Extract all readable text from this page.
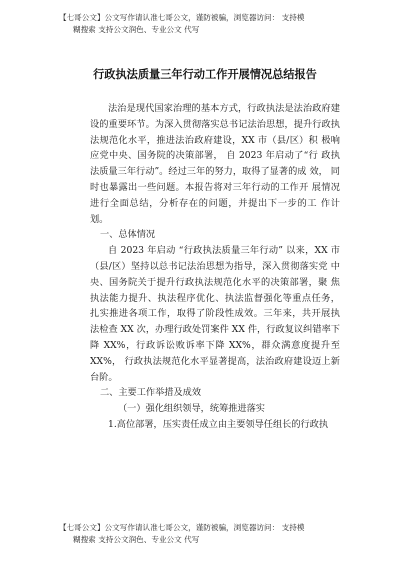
【七哥公文】公文写作请认准七哥公文，谨防被骗，浏览器访问： 支持模
糊搜索 支持公文润色、专业公文 代写
行政执法质量三年行动工作开展情况总结报告

法治是现代国家治理的基本方式，行政执法是法治政府建设的重要环节。为深入贯彻落实总书记法治思想，提升行政执法规范化水平，推进法治政府建设，XX 市（县/区）积 极响应党中央、国务院的决策部署， 自 2023 年启动了“行 政执法质量三年行动”。经过三年的努力，取得了显著的成 效， 同时也暴露出一些问题。本报告将对三年行动的工作开 展情况进行全面总结，分析存在的问题，并提出下一步的工 作计划。

一、总体情况

自 2023 年启动 “行政执法质量三年行动” 以来，XX 市 （县/区）坚持以总书记法治思想为指导，深入贯彻落实党 中央、国务院关于提升行政执法规范化水平的决策部署，聚 焦执法能力提升、执法程序优化、执法监督强化等重点任务， 扎实推进各项工作，取得了阶段性成效。三年来，共开展执 法检查 XX 次，办理行政处罚案件 XX 件，行政复议纠错率下 降 XX%，行政诉讼败诉率下降 XX%，群众满意度提升至 XX%， 行政执法规范化水平显著提高，法治政府建设迈上新台阶。

二、主要工作举措及成效

（一）强化组织领导，统筹推进落实

1.高位部署，压实责任成立由主要领导任组长的行政执

【七哥公文】公文写作请认准七哥公文，谨防被骗，浏览器访问： 支持模
糊搜索 支持公文润色、专业公文 代写
